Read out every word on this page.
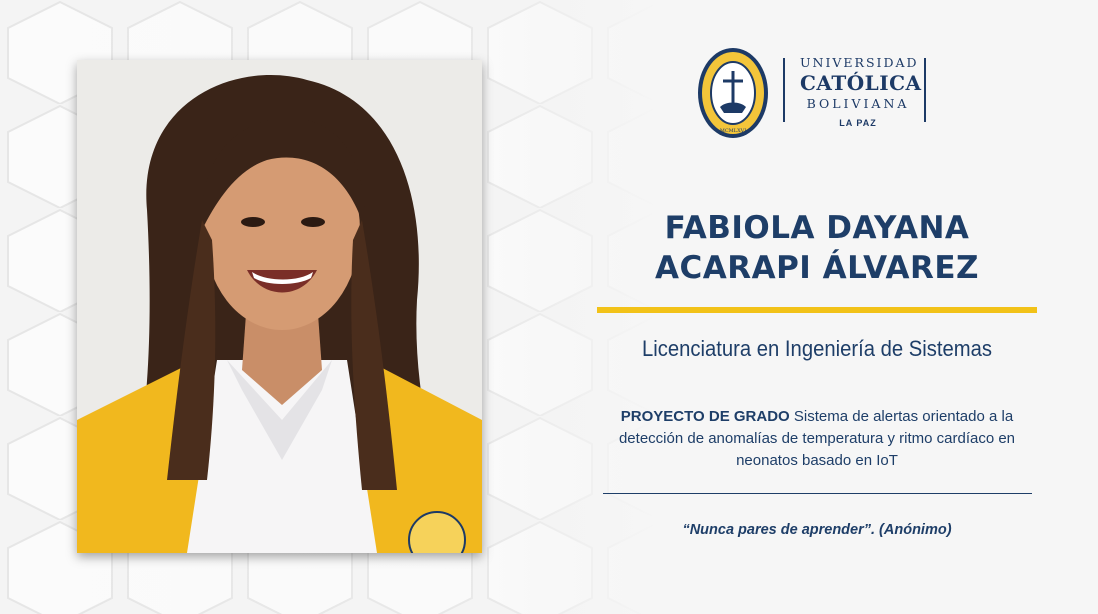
MCMLXVI
UNIVERSIDAD
CATÓLICA
BOLIVIANA
LA PAZ
FABIOLA DAYANA
ACARAPI ÁLVAREZ
Licenciatura en Ingeniería de Sistemas
PROYECTO DE GRADO Sistema de alertas orientado a la detección de anomalías de temperatura y ritmo cardíaco en neonatos basado en IoT
“Nunca pares de aprender”. (Anónimo)
